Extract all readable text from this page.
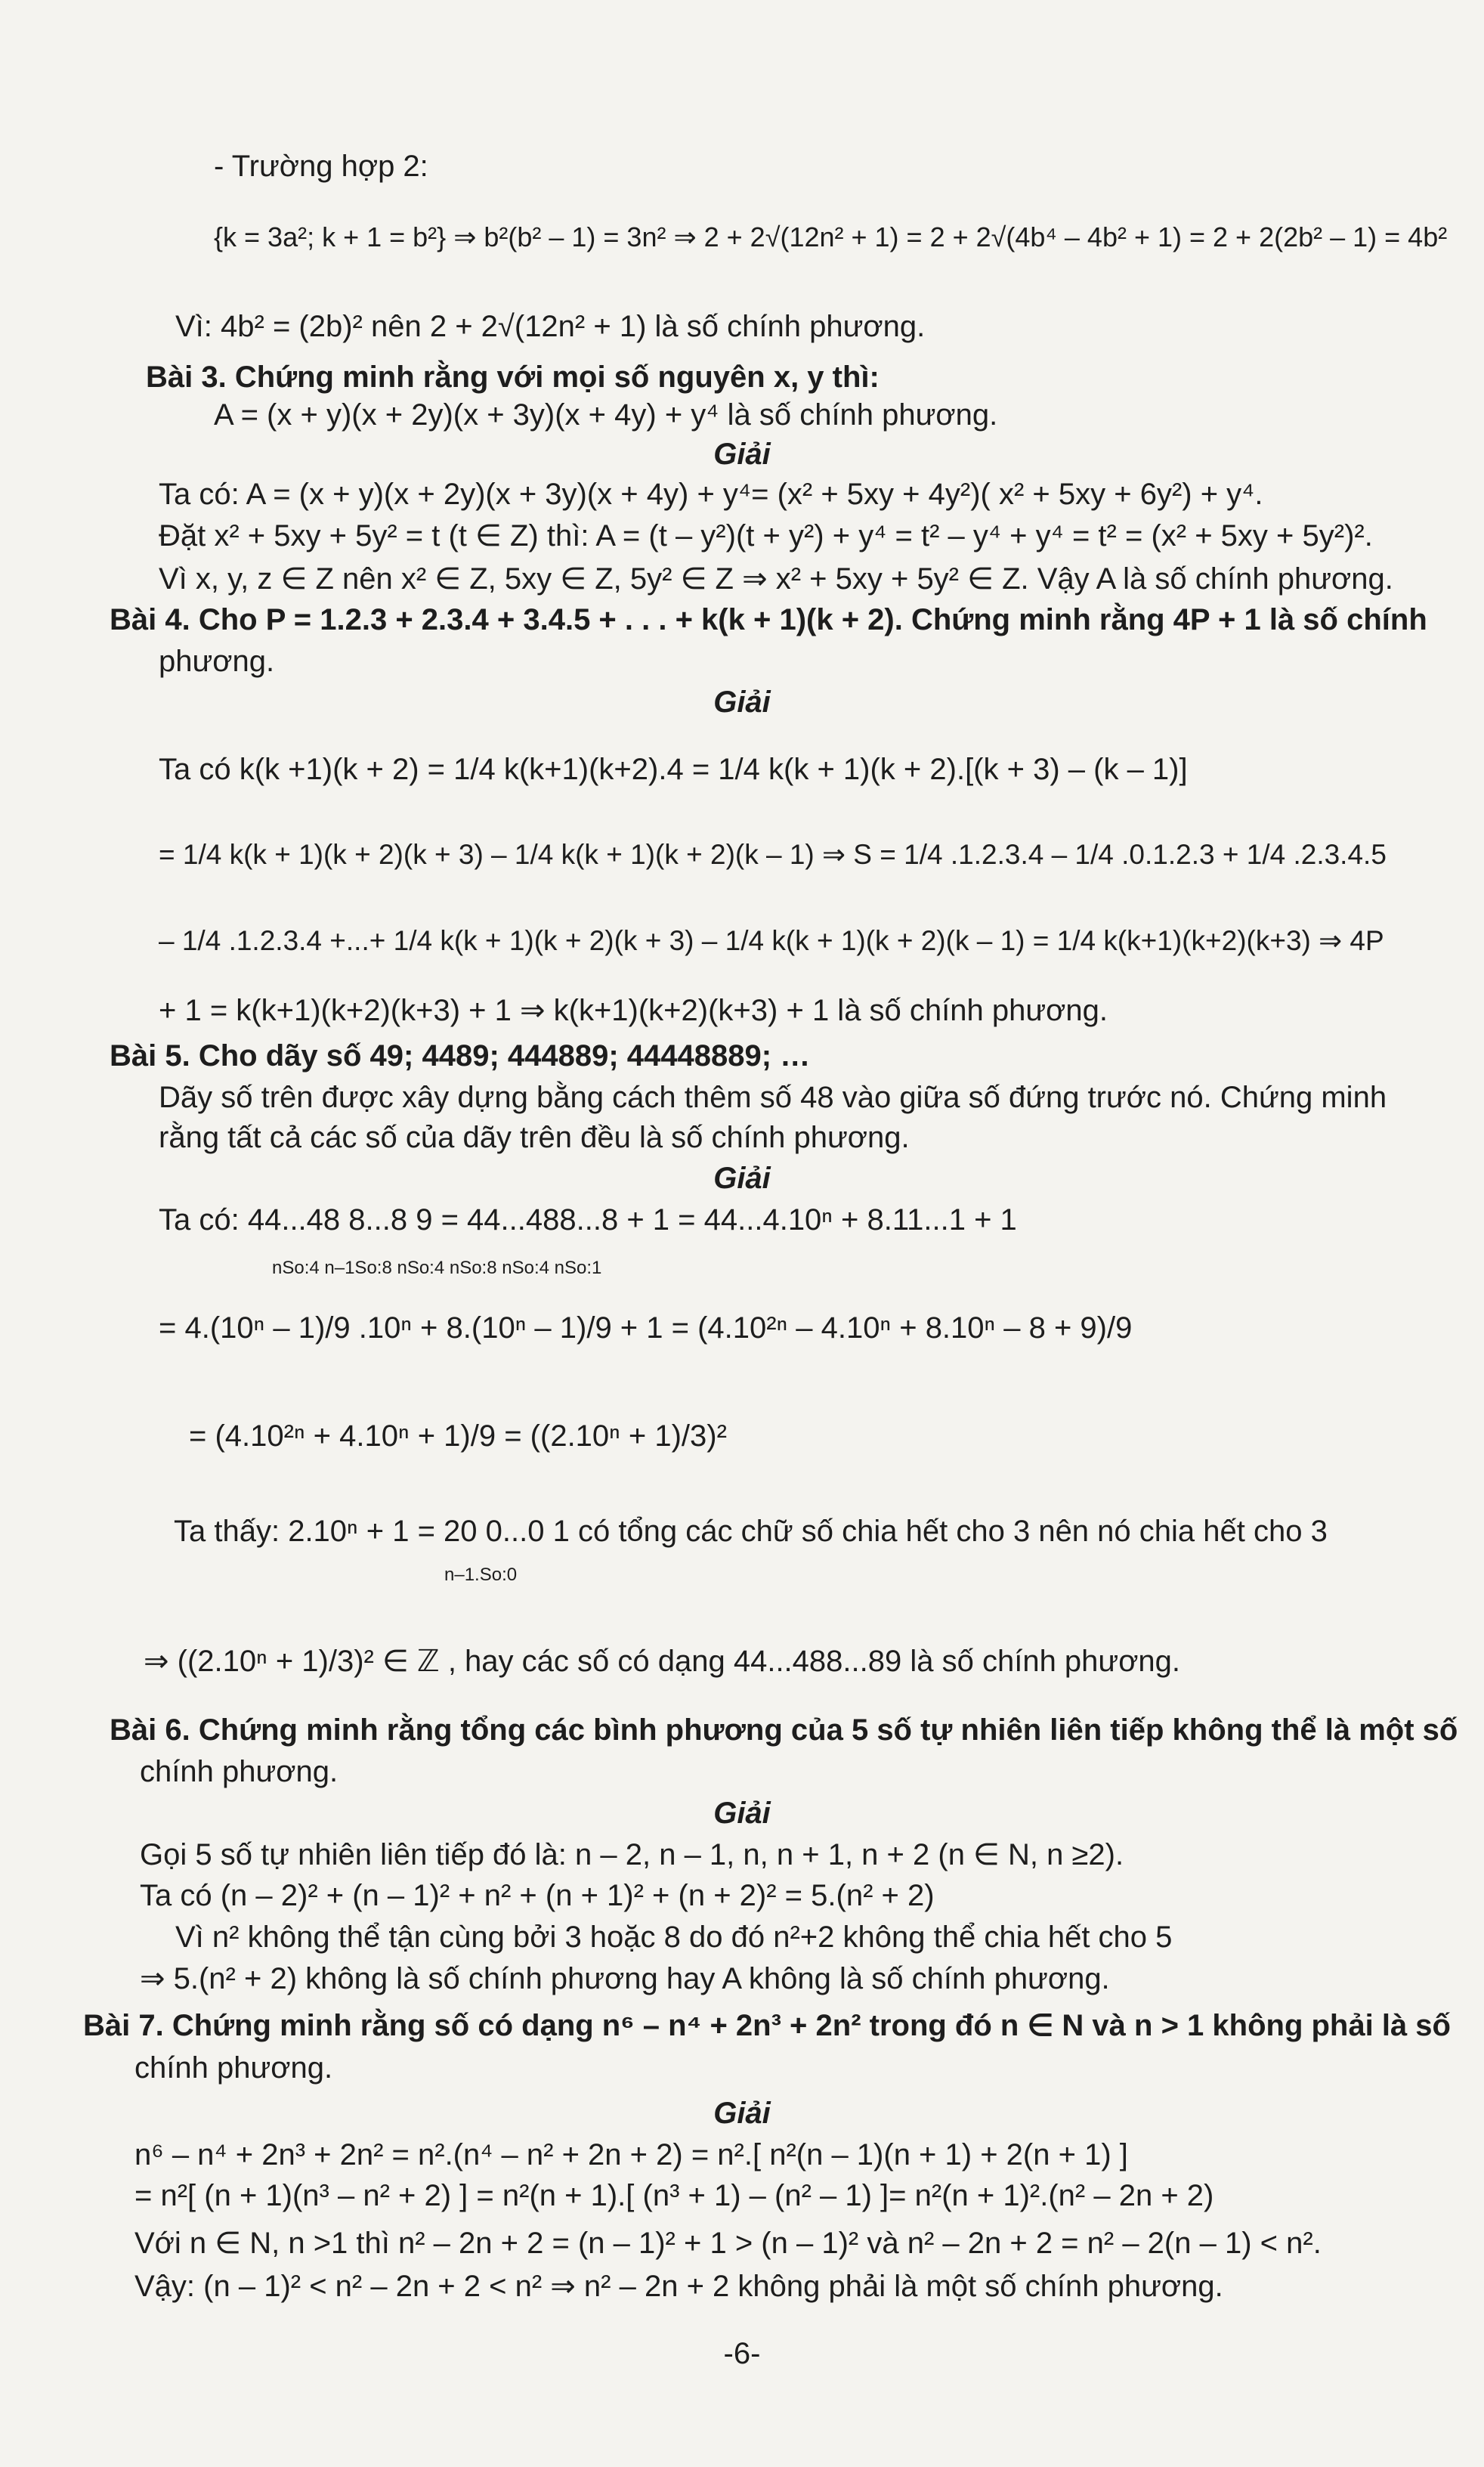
- Trường hợp 2:
{k = 3a²; k + 1 = b²} ⇒ b²(b² – 1) = 3n² ⇒ 2 + 2√(12n² + 1) = 2 + 2√(4b⁴ – 4b² + 1) = 2 + 2(2b² – 1) = 4b²
Vì: 4b² = (2b)² nên 2 + 2√(12n² + 1) là số chính phương.
Bài 3. Chứng minh rằng với mọi số nguyên x, y thì:
A = (x + y)(x + 2y)(x + 3y)(x + 4y) + y⁴ là số chính phương.
Giải
Ta có: A = (x + y)(x + 2y)(x + 3y)(x + 4y) + y⁴= (x² + 5xy + 4y²)( x² + 5xy + 6y²) + y⁴.
Đặt x² + 5xy + 5y² = t (t ∈ Z) thì: A = (t – y²)(t + y²) + y⁴ = t² – y⁴ + y⁴ = t² = (x² + 5xy + 5y²)².
Vì x, y, z ∈ Z nên x² ∈ Z, 5xy ∈ Z, 5y² ∈ Z ⇒ x² + 5xy + 5y² ∈ Z. Vậy A là số chính phương.
Bài 4. Cho P = 1.2.3 + 2.3.4 + 3.4.5 + . . . + k(k + 1)(k + 2). Chứng minh rằng 4P + 1 là số chính
phương.
Giải
Ta có k(k +1)(k + 2) = 1/4 k(k+1)(k+2).4 = 1/4 k(k + 1)(k + 2).[(k + 3) – (k – 1)]
= 1/4 k(k + 1)(k + 2)(k + 3) – 1/4 k(k + 1)(k + 2)(k – 1) ⇒ S = 1/4 .1.2.3.4 – 1/4 .0.1.2.3 + 1/4 .2.3.4.5
– 1/4 .1.2.3.4 +...+ 1/4 k(k + 1)(k + 2)(k + 3) – 1/4 k(k + 1)(k + 2)(k – 1) = 1/4 k(k+1)(k+2)(k+3) ⇒ 4P
+ 1 = k(k+1)(k+2)(k+3) + 1 ⇒ k(k+1)(k+2)(k+3) + 1 là số chính phương.
Bài 5. Cho dãy số 49; 4489; 444889; 44448889; …
Dãy số trên được xây dựng bằng cách thêm số 48 vào giữa số đứng trước nó. Chứng minh
rằng tất cả các số của dãy trên đều là số chính phương.
Giải
Ta có: 44...48 8...8 9 = 44...488...8 + 1 = 44...4.10ⁿ + 8.11...1 + 1
nSo:4 n–1So:8 nSo:4 nSo:8 nSo:4 nSo:1
= 4.(10ⁿ – 1)/9 .10ⁿ + 8.(10ⁿ – 1)/9 + 1 = (4.10²ⁿ – 4.10ⁿ + 8.10ⁿ – 8 + 9)/9
= (4.10²ⁿ + 4.10ⁿ + 1)/9 = ((2.10ⁿ + 1)/3)²
Ta thấy: 2.10ⁿ + 1 = 20 0...0 1 có tổng các chữ số chia hết cho 3 nên nó chia hết cho 3
n–1.So:0
⇒ ((2.10ⁿ + 1)/3)² ∈ ℤ , hay các số có dạng 44...488...89 là số chính phương.
Bài 6. Chứng minh rằng tổng các bình phương của 5 số tự nhiên liên tiếp không thể là một số
chính phương.
Giải
Gọi 5 số tự nhiên liên tiếp đó là: n – 2, n – 1, n, n + 1, n + 2 (n ∈ N, n ≥2).
Ta có (n – 2)² + (n – 1)² + n² + (n + 1)² + (n + 2)² = 5.(n² + 2)
Vì n² không thể tận cùng bởi 3 hoặc 8 do đó n²+2 không thể chia hết cho 5
⇒ 5.(n² + 2) không là số chính phương hay A không là số chính phương.
Bài 7. Chứng minh rằng số có dạng n⁶ – n⁴ + 2n³ + 2n² trong đó n ∈ N và n > 1 không phải là số
chính phương.
Giải
n⁶ – n⁴ + 2n³ + 2n² = n².(n⁴ – n² + 2n + 2) = n².[ n²(n – 1)(n + 1) + 2(n + 1) ]
= n²[ (n + 1)(n³ – n² + 2) ] = n²(n + 1).[ (n³ + 1) – (n² – 1) ]= n²(n + 1)².(n² – 2n + 2)
Với n ∈ N, n >1 thì n² – 2n + 2 = (n – 1)² + 1 > (n – 1)² và n² – 2n + 2 = n² – 2(n – 1) < n².
Vậy: (n – 1)² < n² – 2n + 2 < n² ⇒ n² – 2n + 2 không phải là một số chính phương.
-6-
